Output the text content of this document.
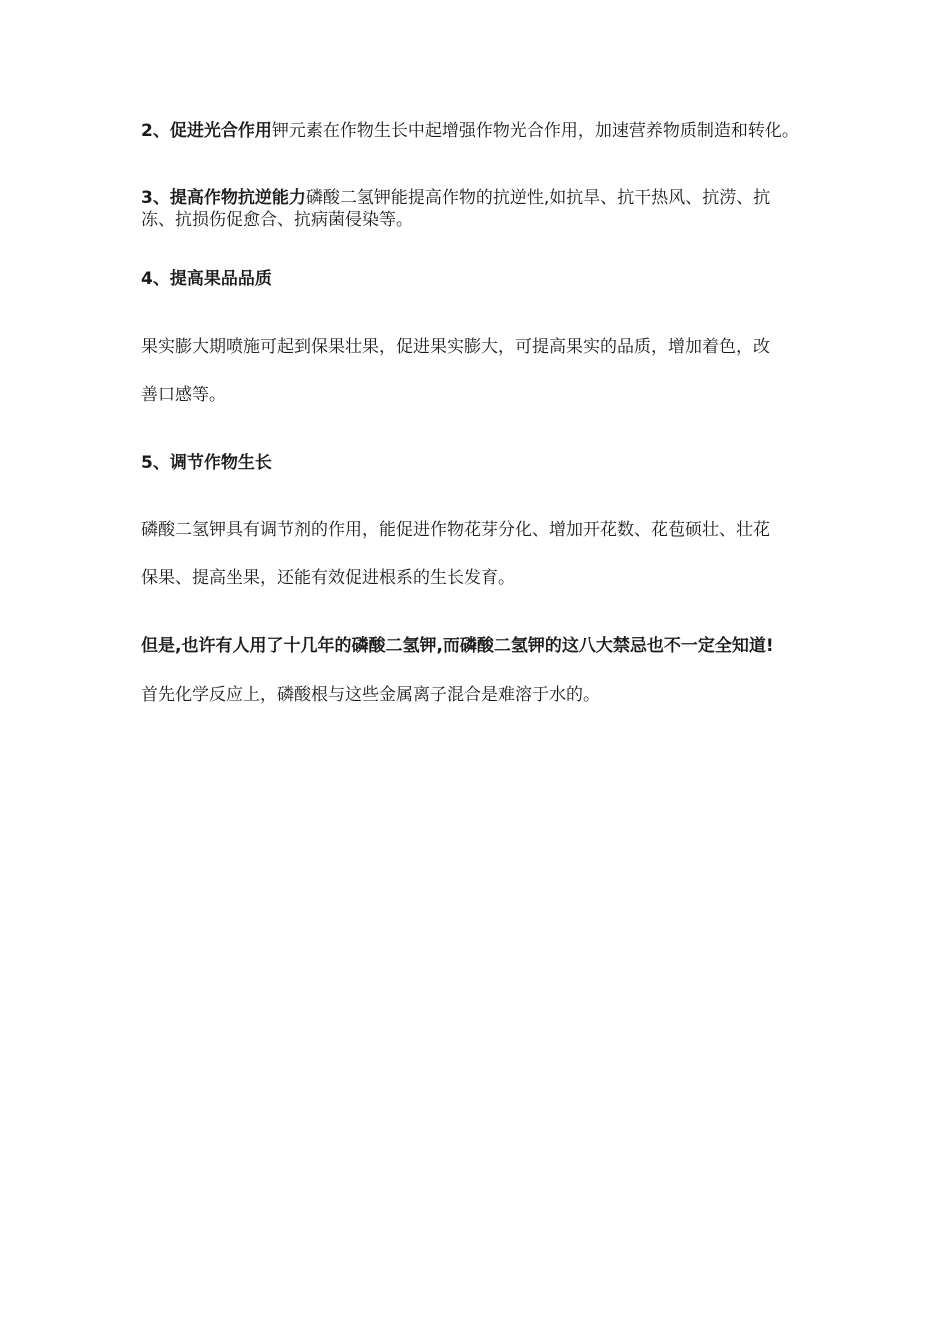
2、促进光合作用钾元素在作物生长中起增强作物光合作用，加速营养物质制造和转化。

3、提高作物抗逆能力磷酸二氢钾能提高作物的抗逆性,如抗旱、抗干热风、抗涝、抗

冻、抗损伤促愈合、抗病菌侵染等。

4、提高果品品质

果实膨大期喷施可起到保果壮果，促进果实膨大，可提高果实的品质，增加着色，改

善口感等。

5、调节作物生长

磷酸二氢钾具有调节剂的作用，能促进作物花芽分化、增加开花数、花苞硕壮、壮花

保果、提高坐果，还能有效促进根系的生长发育。

但是,也许有人用了十几年的磷酸二氢钾,而磷酸二氢钾的这八大禁忌也不一定全知道!

首先化学反应上，磷酸根与这些金属离子混合是难溶于水的。
